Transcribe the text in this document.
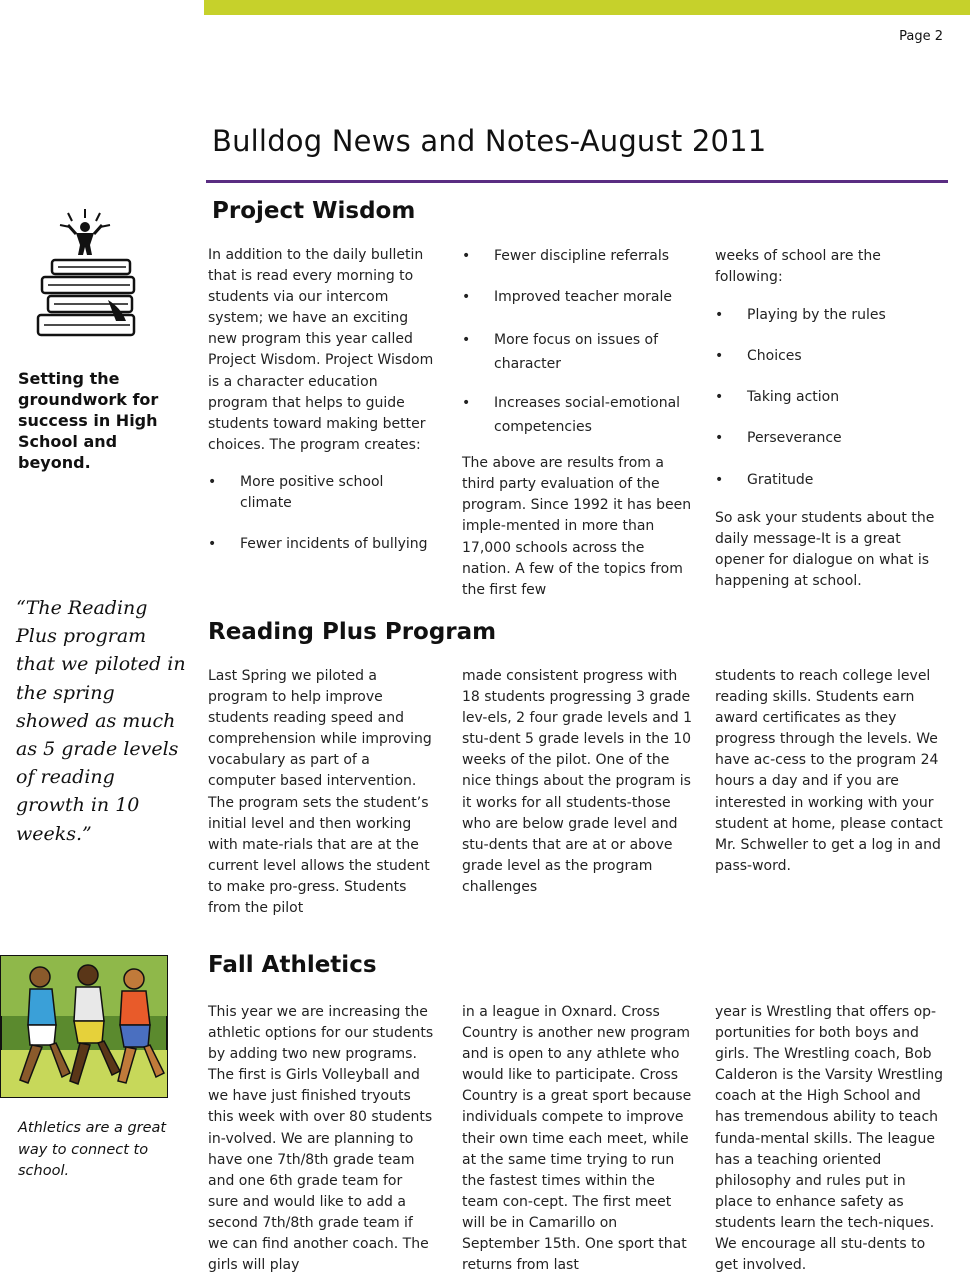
Page 2
Bulldog News and Notes-August 2011
Setting the groundwork for success in High School and beyond.
“The Reading Plus program that we piloted in the spring showed as much as 5 grade levels of reading growth in 10 weeks.”
Athletics are a great way to connect to school.
Project Wisdom

In addition to the daily bulletin that is read every morning to students via our intercom system; we have an exciting new program this year called Project Wisdom. Project Wisdom is a character education program that helps to guide students toward making better choices. The program creates:

• More positive school climate

• Fewer incidents of bullying

• Fewer discipline referrals

• Improved teacher morale

• More focus on issues of character

• Increases social-emotional competencies

The above are results from a third party evaluation of the program. Since 1992 it has been imple-mented in more than 17,000 schools across the nation. A few of the topics from the first few

weeks of school are the following:

• Playing by the rules

• Choices

• Taking action

• Perseverance

• Gratitude

So ask your students about the daily message-It is a great opener for dialogue on what is happening at school.

Reading Plus Program
Last Spring we piloted a program to help improve students reading speed and comprehension while improving vocabulary as part of a computer based intervention. The program sets the student’s initial level and then working with mate-rials that are at the current level allows the student to make pro-gress. Students from the pilot
made consistent progress with 18 students progressing 3 grade lev-els, 2 four grade levels and 1 stu-dent 5 grade levels in the 10 weeks of the pilot. One of the nice things about the program is it works for all students-those who are below grade level and stu-dents that are at or above grade level as the program challenges
students to reach college level reading skills. Students earn award certificates as they progress through the levels. We have ac-cess to the program 24 hours a day and if you are interested in working with your student at home, please contact Mr. Schweller to get a log in and pass-word.
Fall Athletics
This year we are increasing the athletic options for our students by adding two new programs. The first is Girls Volleyball and we have just finished tryouts this week with over 80 students in-volved. We are planning to have one 7th/8th grade team and one 6th grade team for sure and would like to add a second 7th/8th grade team if we can find another coach. The girls will play
in a league in Oxnard. Cross Country is another new program and is open to any athlete who would like to participate. Cross Country is a great sport because individuals compete to improve their own time each meet, while at the same time trying to run the fastest times within the team con-cept. The first meet will be in Camarillo on September 15th. One sport that returns from last
year is Wrestling that offers op-portunities for both boys and girls. The Wrestling coach, Bob Calderon is the Varsity Wrestling coach at the High School and has tremendous ability to teach funda-mental skills. The league has a teaching oriented philosophy and rules put in place to enhance safety as students learn the tech-niques. We encourage all stu-dents to get involved.
